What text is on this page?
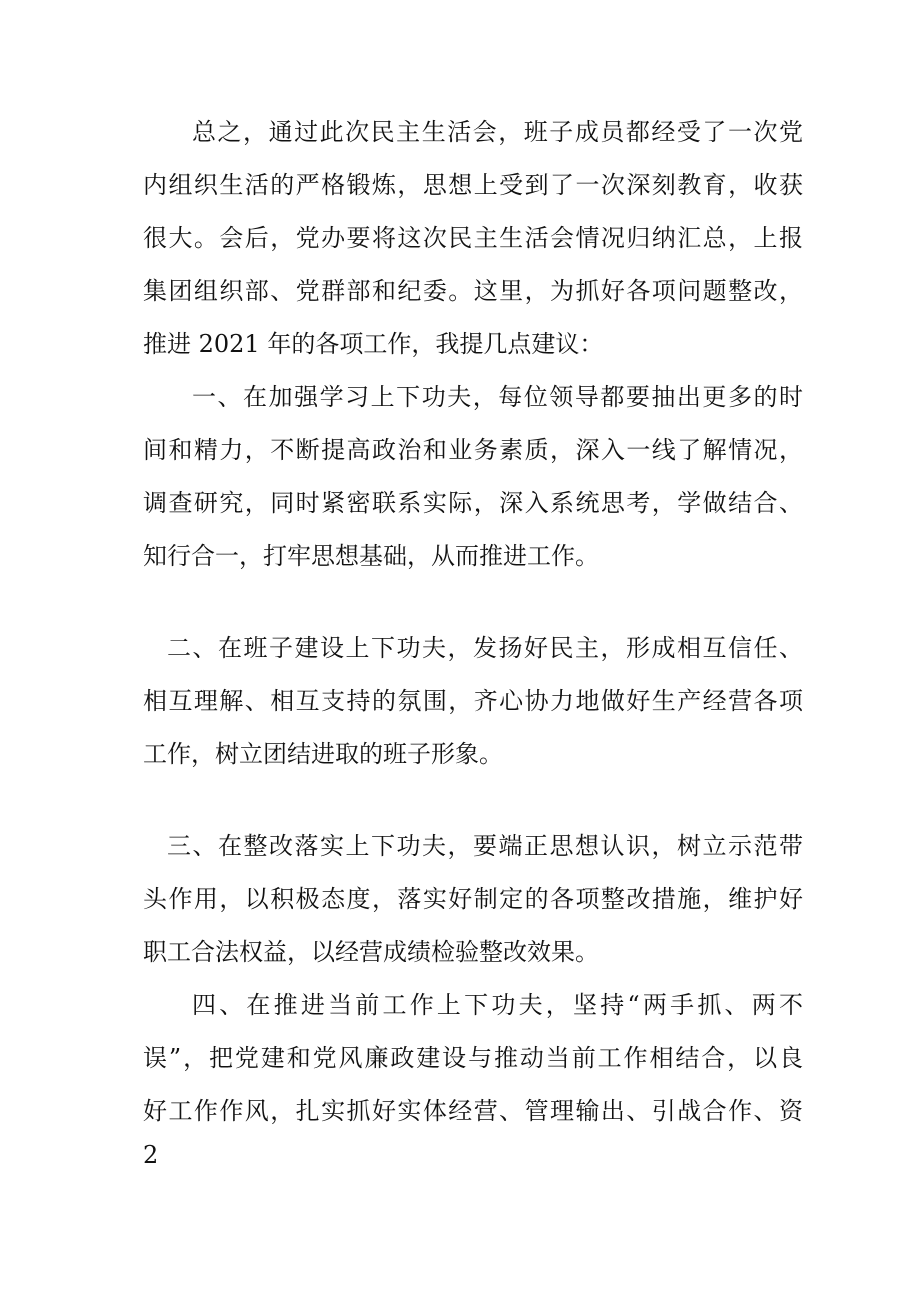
总之，通过此次民主生活会，班子成员都经受了一次党
内组织生活的严格锻炼，思想上受到了一次深刻教育，收获
很大。会后，党办要将这次民主生活会情况归纳汇总，上报
集团组织部、党群部和纪委。这里，为抓好各项问题整改，
推进 2021 年的各项工作，我提几点建议：
一、在加强学习上下功夫，每位领导都要抽出更多的时
间和精力，不断提高政治和业务素质，深入一线了解情况，
调查研究，同时紧密联系实际，深入系统思考，学做结合、
知行合一，打牢思想基础，从而推进工作。
二、在班子建设上下功夫，发扬好民主，形成相互信任、
相互理解、相互支持的氛围，齐心协力地做好生产经营各项
工作，树立团结进取的班子形象。
三、在整改落实上下功夫，要端正思想认识，树立示范带
头作用，以积极态度，落实好制定的各项整改措施，维护好
职工合法权益，以经营成绩检验整改效果。
四、在推进当前工作上下功夫，坚持“两手抓、两不
误”，把党建和党风廉政建设与推动当前工作相结合，以良
好工作作风，扎实抓好实体经营、管理输出、引战合作、资
2
